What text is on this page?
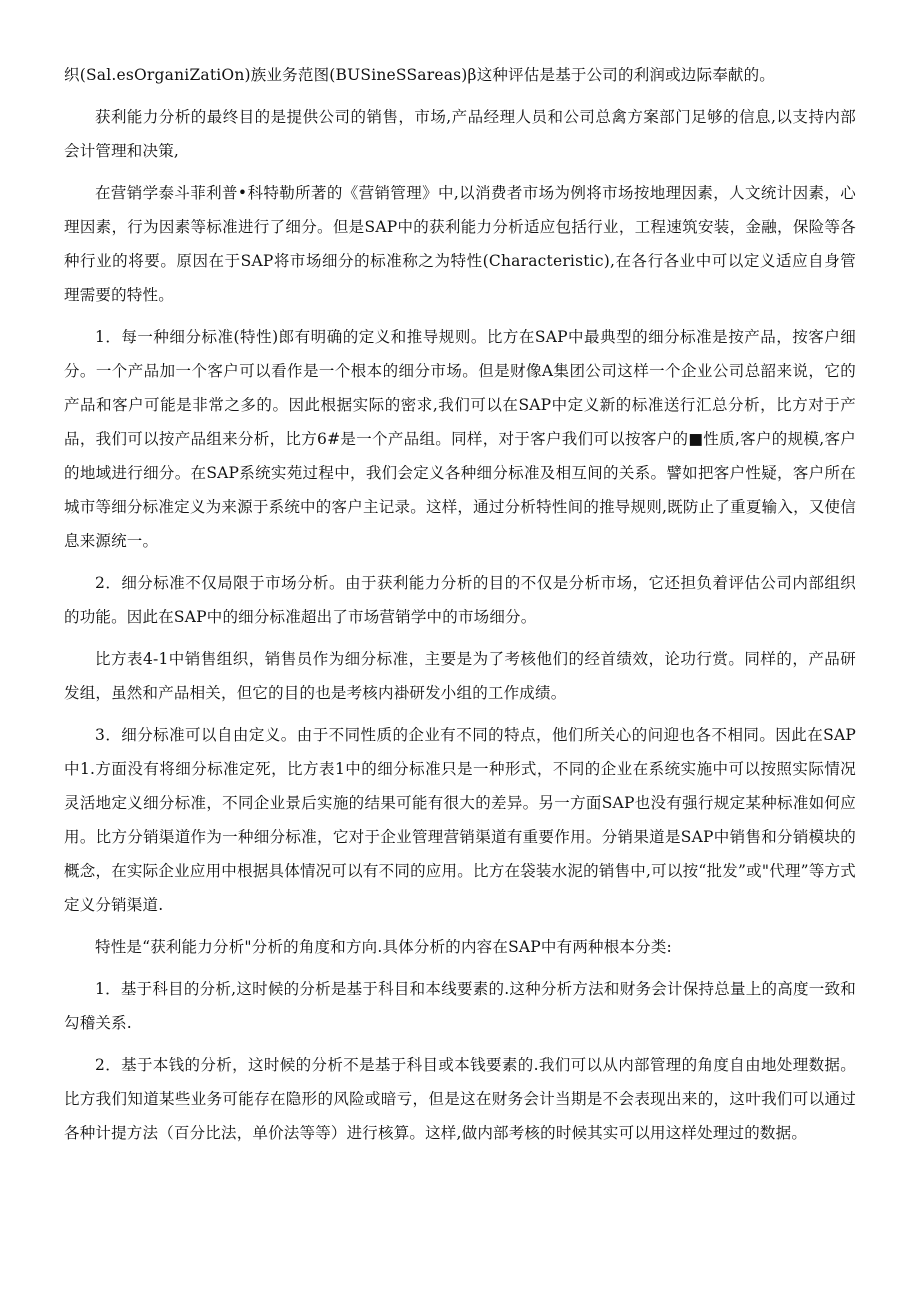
织(Sal.esOrganiZatiOn)族业务范图(BUSineSSareas)β这种评估是基于公司的利润或边际奉献的。

获利能力分析的最终目的是提供公司的销售，市场,产品经理人员和公司总禽方案部门足够的信息,以支持内部会计管理和决策,

在营销学泰斗菲利普•科特勒所著的《营销管理》中,以消费者市场为例将市场按地理因素，人文统计因素，心理因素，行为因素等标准进行了细分。但是SAP中的获利能力分析适应包括行业，工程速筑安装，金融，保险等各种行业的将要。原因在于SAP将市场细分的标准称之为特性(Characteristic),在各行各业中可以定义适应自身管理需要的特性。

1．每一种细分标准(特性)郎有明确的定义和推导规则。比方在SAP中最典型的细分标准是按产品，按客户细分。一个产品加一个客户可以看作是一个根本的细分市场。但是财像A集团公司这样一个企业公司总韶来说，它的产品和客户可能是非常之多的。因此根据实际的密求,我们可以在SAP中定义新的标准送行汇总分析，比方对于产品，我们可以按产品组来分析，比方6#是一个产品组。同样，对于客户我们可以按客户的■性质,客户的规模,客户的地域进行细分。在SAP系统实苑过程中，我们会定义各种细分标准及相互间的关系。譬如把客户性疑，客户所在城市等细分标准定义为来源于系统中的客户主记录。这样，通过分析特性间的推导规则,既防止了重夏输入，又使信息来源统一。

2．细分标准不仅局限于市场分析。由于获利能力分析的目的不仅是分析市场，它还担负着评估公司内部组织的功能。因此在SAP中的细分标准超出了市场营销学中的市场细分。

比方表4-1中销售组织，销售员作为细分标准，主要是为了考核他们的经首绩效，论功行赏。同样的，产品研发组，虽然和产品相关，但它的目的也是考核内褂研发小组的工作成绩。

3．细分标准可以自由定义。由于不同性质的企业有不同的特点，他们所关心的问迎也各不相同。因此在SAP中1.方面没有将细分标准定死，比方表1中的细分标准只是一种形式，不同的企业在系统实施中可以按照实际情况灵活地定义细分标准，不同企业景后实施的结果可能有很大的差异。另一方面SAP也没有强行规定某种标准如何应用。比方分销渠道作为一种细分标准，它对于企业管理营销渠道有重要作用。分销果道是SAP中销售和分销模块的概念，在实际企业应用中根据具体情况可以有不同的应用。比方在袋装水泥的销售中,可以按“批发”或"代理”等方式定义分销渠道.

特性是“获利能力分析"分析的角度和方向.具体分析的内容在SAP中有两种根本分类:

1．基于科目的分析,这时候的分析是基于科目和本线要素的.这种分析方法和财务会计保持总量上的高度一致和勾稽关系.

2．基于本钱的分析，这时候的分析不是基于科目或本钱要素的.我们可以从内部管理的角度自由地处理数据。比方我们知道某些业务可能存在隐形的风险或暗亏，但是这在财务会计当期是不会表现出来的，这叶我们可以通过各种计提方法（百分比法，单价法等等）进行核算。这样,做内部考核的时候其实可以用这样处理过的数据。
